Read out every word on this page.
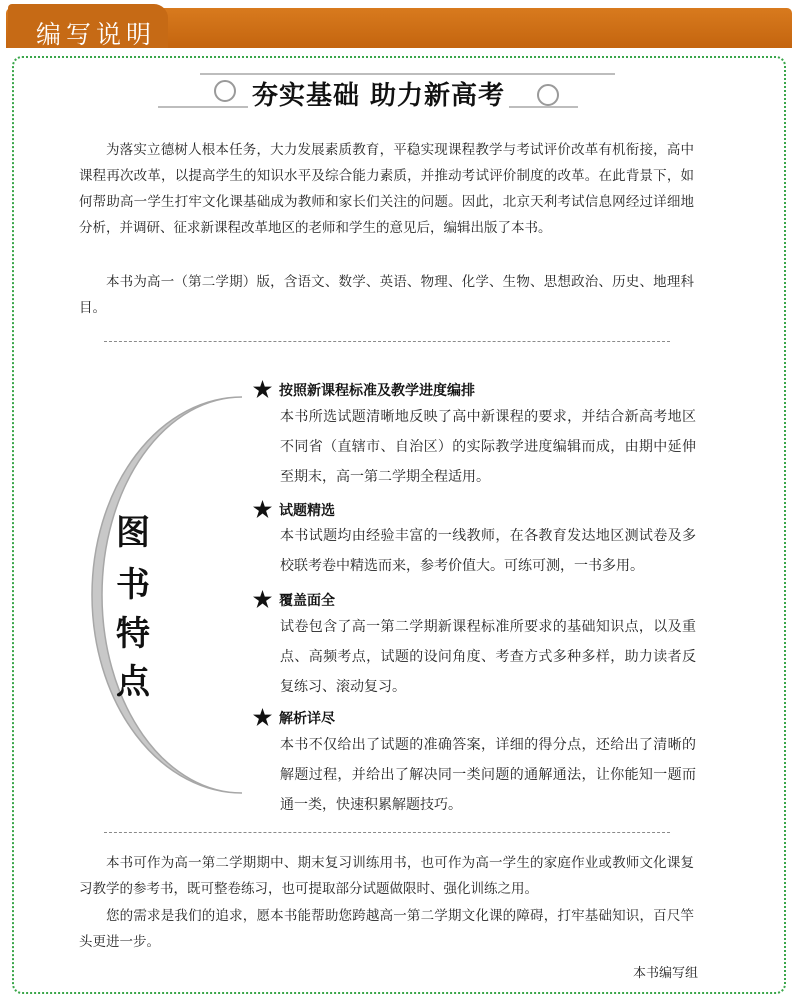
编写说明
夯实基础 助力新高考

为落实立德树人根本任务，大力发展素质教育，平稳实现课程教学与考试评价改革有机衔接，高中课程再次改革，以提高学生的知识水平及综合能力素质，并推动考试评价制度的改革。在此背景下，如何帮助高一学生打牢文化课基础成为教师和家长们关注的问题。因此，北京天利考试信息网经过详细地分析，并调研、征求新课程改革地区的老师和学生的意见后，编辑出版了本书。

本书为高一（第二学期）版，含语文、数学、英语、物理、化学、生物、思想政治、历史、地理科目。

图
书
特
点
按照新课程标准及教学进度编排

本书所选试题清晰地反映了高中新课程的要求，并结合新高考地区不同省（直辖市、自治区）的实际教学进度编辑而成，由期中延伸至期末，高一第二学期全程适用。

试题精选

本书试题均由经验丰富的一线教师，在各教育发达地区测试卷及多校联考卷中精选而来，参考价值大。可练可测，一书多用。

覆盖面全

试卷包含了高一第二学期新课程标准所要求的基础知识点，以及重点、高频考点，试题的设问角度、考查方式多种多样，助力读者反复练习、滚动复习。

解析详尽

本书不仅给出了试题的准确答案，详细的得分点，还给出了清晰的解题过程，并给出了解决同一类问题的通解通法，让你能知一题而通一类，快速积累解题技巧。

本书可作为高一第二学期期中、期末复习训练用书，也可作为高一学生的家庭作业或教师文化课复习教学的参考书，既可整卷练习，也可提取部分试题做限时、强化训练之用。

您的需求是我们的追求，愿本书能帮助您跨越高一第二学期文化课的障碍，打牢基础知识，百尺竿头更进一步。

本书编写组
